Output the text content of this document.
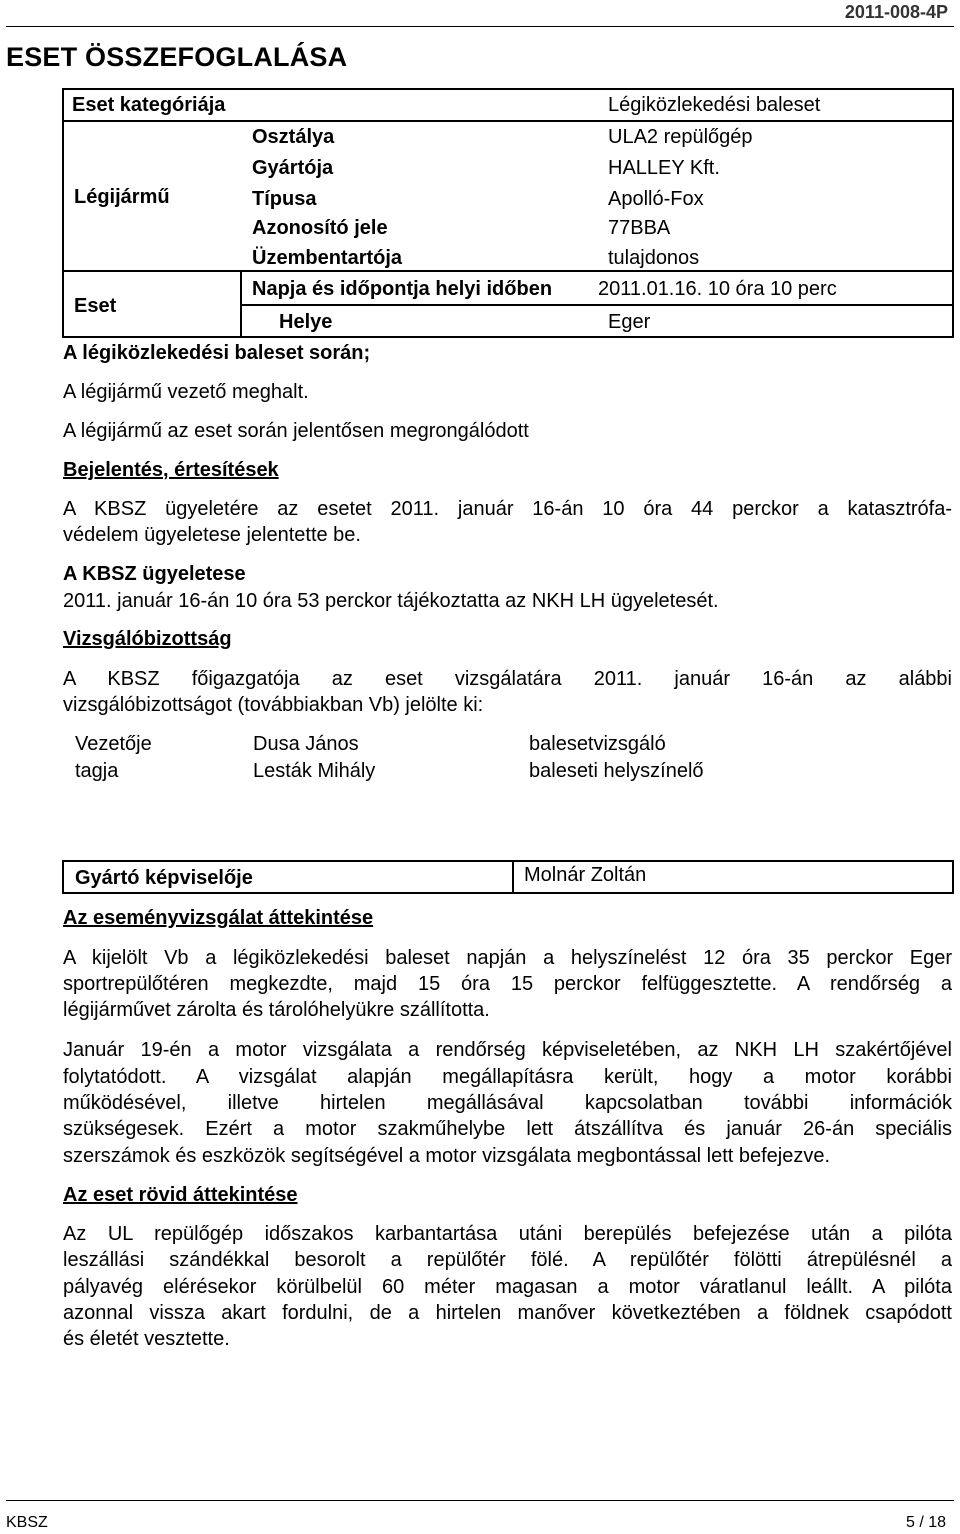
2011-008-4P
ESET ÖSSZEFOGLALÁSA
Eset kategóriája	Légiközlekedési baleset
Légijármű
Osztálya	ULA2 repülőgép
Gyártója	HALLEY Kft.
Típusa	Apolló-Fox
Azonosító jele	77BBA
Üzembentartója	tulajdonos
Eset
Napja és időpontja helyi időben 2011.01.16. 10 óra 10 perc
Helye	Eger
A légiközlekedési baleset során;
A légijármű vezető meghalt.
A légijármű az eset során jelentősen megrongálódott
Bejelentés, értesítések
A KBSZ ügyeletére az esetet 2011. január 16-án 10 óra 44 perckor a katasztrófa-
védelem ügyeletese jelentette be.
A KBSZ ügyeletese
2011. január 16-án 10 óra 53 perckor tájékoztatta az NKH LH ügyeletesét.
Vizsgálóbizottság
A KBSZ főigazgatója az eset vizsgálatára 2011. január 16-án az alábbi
vizsgálóbizottságot (továbbiakban Vb) jelölte ki:
Vezetője	Dusa János	balesetvizsgáló
tagja	Lesták Mihály	baleseti helyszínelő
Gyártó képviselője	Molnár Zoltán
Az eseményvizsgálat áttekintése
A kijelölt Vb a légiközlekedési baleset napján a helyszínelést 12 óra 35 perckor Eger
sportrepülőtéren megkezdte, majd 15 óra 15 perckor felfüggesztette. A rendőrség a
légijárművet zárolta és tárolóhelyükre szállította.
Január 19-én a motor vizsgálata a rendőrség képviseletében, az NKH LH szakértőjével
folytatódott. A vizsgálat alapján megállapításra került, hogy a motor korábbi
működésével, illetve hirtelen megállásával kapcsolatban további információk
szükségesek. Ezért a motor szakműhelybe lett átszállítva és január 26-án speciális
szerszámok és eszközök segítségével a motor vizsgálata megbontással lett befejezve.
Az eset rövid áttekintése
Az UL repülőgép időszakos karbantartása utáni berepülés befejezése után a pilóta
leszállási szándékkal besorolt a repülőtér fölé. A repülőtér fölötti átrepülésnél a
pályavég elérésekor körülbelül 60 méter magasan a motor váratlanul leállt. A pilóta
azonnal vissza akart fordulni, de a hirtelen manőver következtében a földnek csapódott
és életét vesztette.
KBSZ	5 / 18
